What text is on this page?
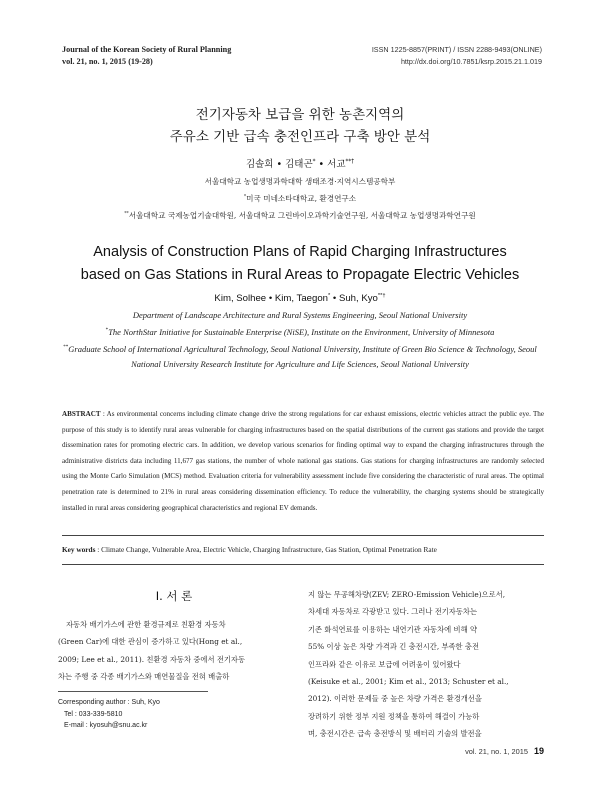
Journal of the Korean Society of Rural Planning
vol. 21, no. 1, 2015 (19-28)
ISSN 1225-8857(PRINT) / ISSN 2288-9493(ONLINE)
http://dx.doi.org/10.7851/ksrp.2015.21.1.019
전기자동차 보급을 위한 농촌지역의
주유소 기반 급속 충전인프라 구축 방안 분석
김솔희 • 김태곤* • 서교**†
서울대학교 농업생명과학대학 생태조경·지역시스템공학부
*미국 미네소타대학교, 환경연구소
**서울대학교 국제농업기술대학원, 서울대학교 그린바이오과학기술연구원, 서울대학교 농업생명과학연구원
Analysis of Construction Plans of Rapid Charging Infrastructures
based on Gas Stations in Rural Areas to Propagate Electric Vehicles
Kim, Solhee • Kim, Taegon* • Suh, Kyo**†

Department of Landscape Architecture and Rural Systems Engineering, Seoul National University

*The NorthStar Initiative for Sustainable Enterprise (NiSE), Institute on the Environment, University of Minnesota

**Graduate School of International Agricultural Technology, Seoul National University, Institute of Green Bio Science & Technology, Seoul National University Research Institute for Agriculture and Life Sciences, Seoul National University

ABSTRACT : As environmental concerns including climate change drive the strong regulations for car exhaust emissions, electric vehicles attract the public eye. The purpose of this study is to identify rural areas vulnerable for charging infrastructures based on the spatial distributions of the current gas stations and provide the target dissemination rates for promoting electric cars. In addition, we develop various scenarios for finding optimal way to expand the charging infrastructures through the administrative districts data including 11,677 gas stations, the number of whole national gas stations. Gas stations for charging infrastructures are randomly selected using the Monte Carlo Simulation (MCS) method. Evaluation criteria for vulnerability assessment include five considering the characteristic of rural areas. The optimal penetration rate is determined to 21% in rural areas considering dissemination efficiency. To reduce the vulnerability, the charging systems should be strategically installed in rural areas considering geographical characteristics and regional EV demands.
Key words : Climate Change, Vulnerable Area, Electric Vehicle, Charging Infrastructure, Gas Station, Optimal Penetration Rate
I. 서 론
자동차 배기가스에 관한 환경규제로 친환경 자동차
(Green Car)에 대한 관심이 증가하고 있다(Hong et al.,
2009; Lee et al., 2011). 친환경 자동차 중에서 전기자동
차는 주행 중 각종 배기가스와 매연물질을 전혀 배출하
지 않는 무공해차량(ZEV; ZERO-Emission Vehicle)으로서,
차세대 자동차로 각광받고 있다. 그러나 전기자동차는
기존 화석연료를 이용하는 내연기관 자동차에 비해 약
55% 이상 높은 차량 가격과 긴 충전시간, 부족한 충전
인프라와 같은 이유로 보급에 어려움이 있어왔다
(Keisuke et al., 2001; Kim et al., 2013; Schuster et al.,
2012). 이러한 문제들 중 높은 차량 가격은 환경개선을
장려하기 위한 정부 지원 정책을 통하여 해결이 가능하
며, 충전시간은 급속 충전방식 및 배터리 기술의 발전을
Corresponding author : Suh, Kyo
Tel : 033-339-5810
E-mail : kyosuh@snu.ac.kr
vol. 21, no. 1, 2015 19
